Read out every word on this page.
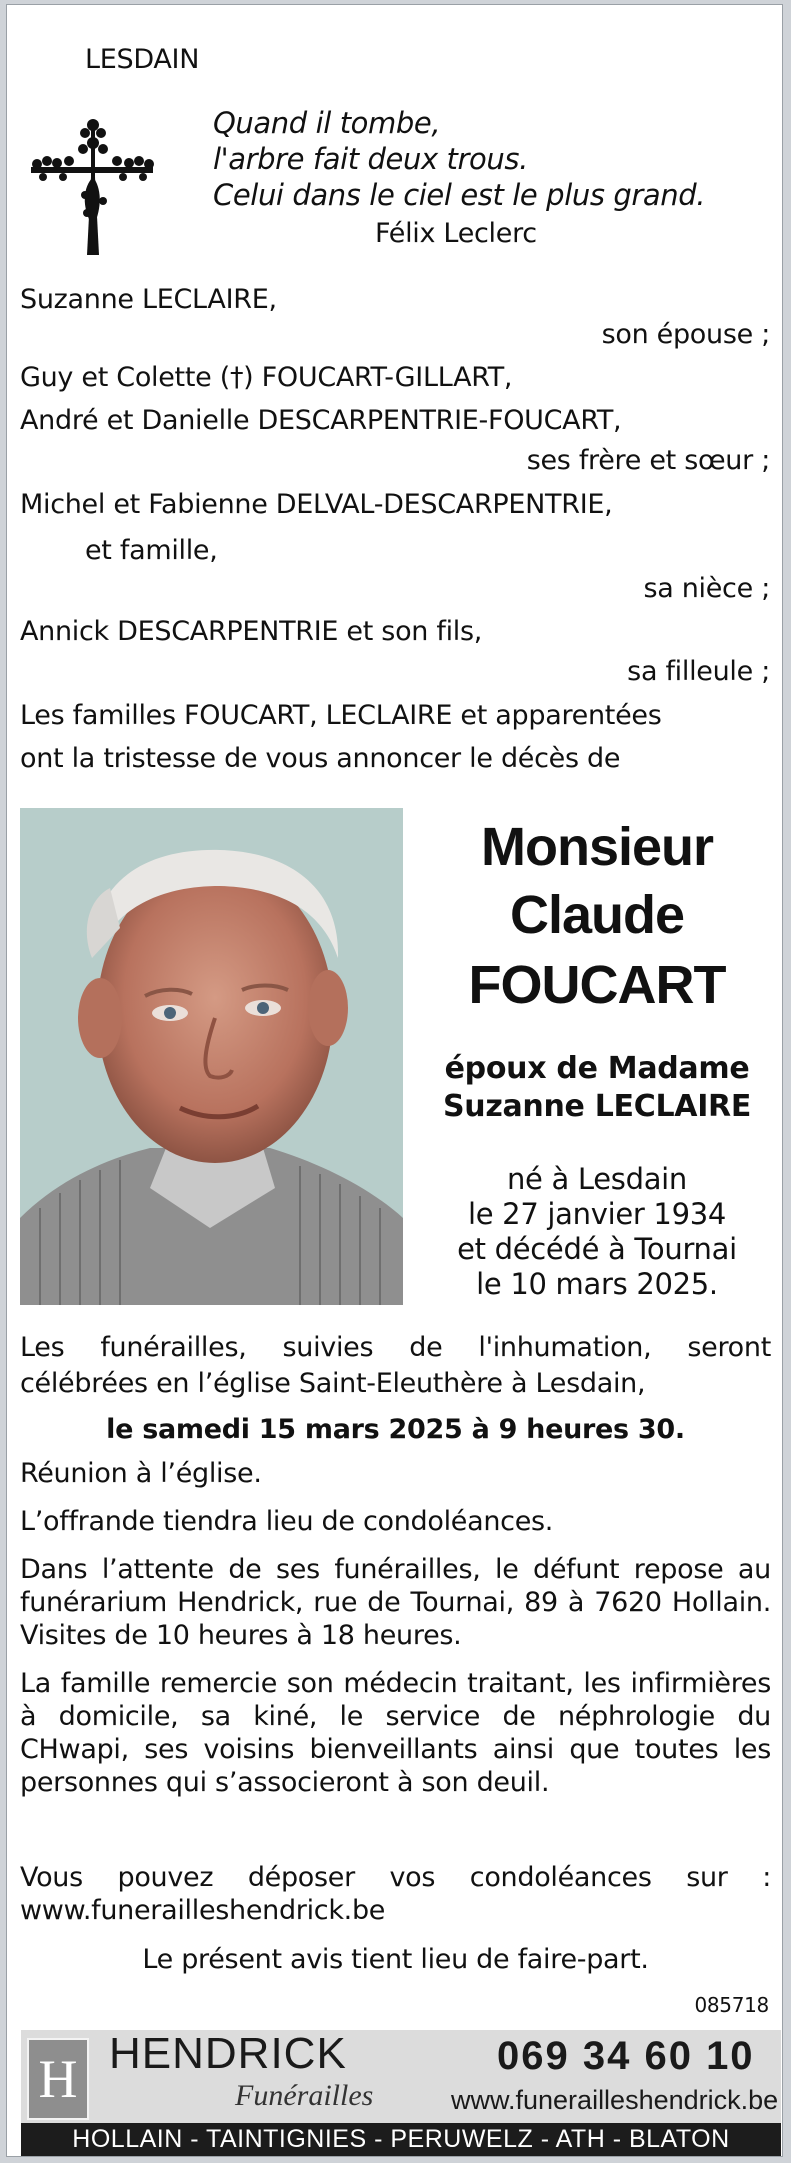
LESDAIN
Quand il tombe,
l'arbre fait deux trous.
Celui dans le ciel est le plus grand.
Félix Leclerc
Suzanne LECLAIRE,
son épouse ;
Guy et Colette (†) FOUCART-GILLART,
André et Danielle DESCARPENTRIE-FOUCART,
ses frère et sœur ;
Michel et Fabienne DELVAL-DESCARPENTRIE,
et famille,
sa nièce ;
Annick DESCARPENTRIE et son fils,
sa filleule ;
Les familles FOUCART, LECLAIRE et apparentées
ont la tristesse de vous annoncer le décès de
Monsieur
Claude
FOUCART
époux de Madame
Suzanne LECLAIRE
né à Lesdain
le 27 janvier 1934
et décédé à Tournai
le 10 mars 2025.
Les funérailles, suivies de l'inhumation, seront
célébrées en l’église Saint-Eleuthère à Lesdain,
le samedi 15 mars 2025 à 9 heures 30.
Réunion à l’église.
L’offrande tiendra lieu de condoléances.
Dans l’attente de ses funérailles, le défunt repose au funérarium Hendrick, rue de Tournai, 89 à 7620 Hollain. Visites de 10 heures à 18 heures.
La famille remercie son médecin traitant, les infirmières à domicile, sa kiné, le service de néphrologie du CHwapi, ses voisins bienveillants ainsi que toutes les personnes qui s’associeront à son deuil.
Vous pouvez déposer vos condoléances sur : www.funerailleshendrick.be
Le présent avis tient lieu de faire-part.
085718
H HENDRICK
Funérailles
069 34 60 10
www.funerailleshendrick.be
HOLLAIN - TAINTIGNIES - PERUWELZ - ATH - BLATON
